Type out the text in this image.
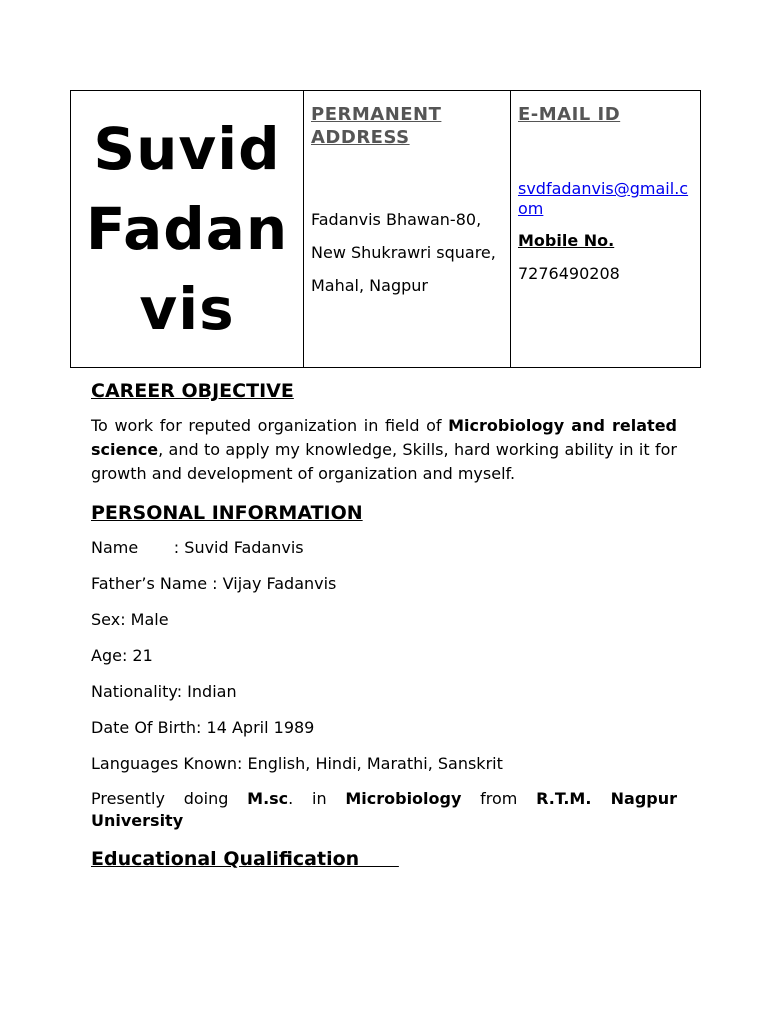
Suvid
Fadan
vis

PERMANENT ADDRESS

Fadanvis Bhawan-80,

New Shukrawri square,

Mahal, Nagpur

E-MAIL ID
svdfadanvis@gmail.com
Mobile No.
7276490208
CAREER OBJECTIVE
To work for reputed organization in field of Microbiology and related science, and to apply my knowledge, Skills, hard working ability in it for growth and development of organization and myself.
PERSONAL INFORMATION
Name       : Suvid Fadanvis
Father’s Name : Vijay Fadanvis
Sex: Male
Age: 21
Nationality: Indian
Date Of Birth: 14 April 1989
Languages Known: English, Hindi, Marathi, Sanskrit
Presently doing M.sc. in Microbiology from R.T.M. Nagpur University
Educational Qualification
